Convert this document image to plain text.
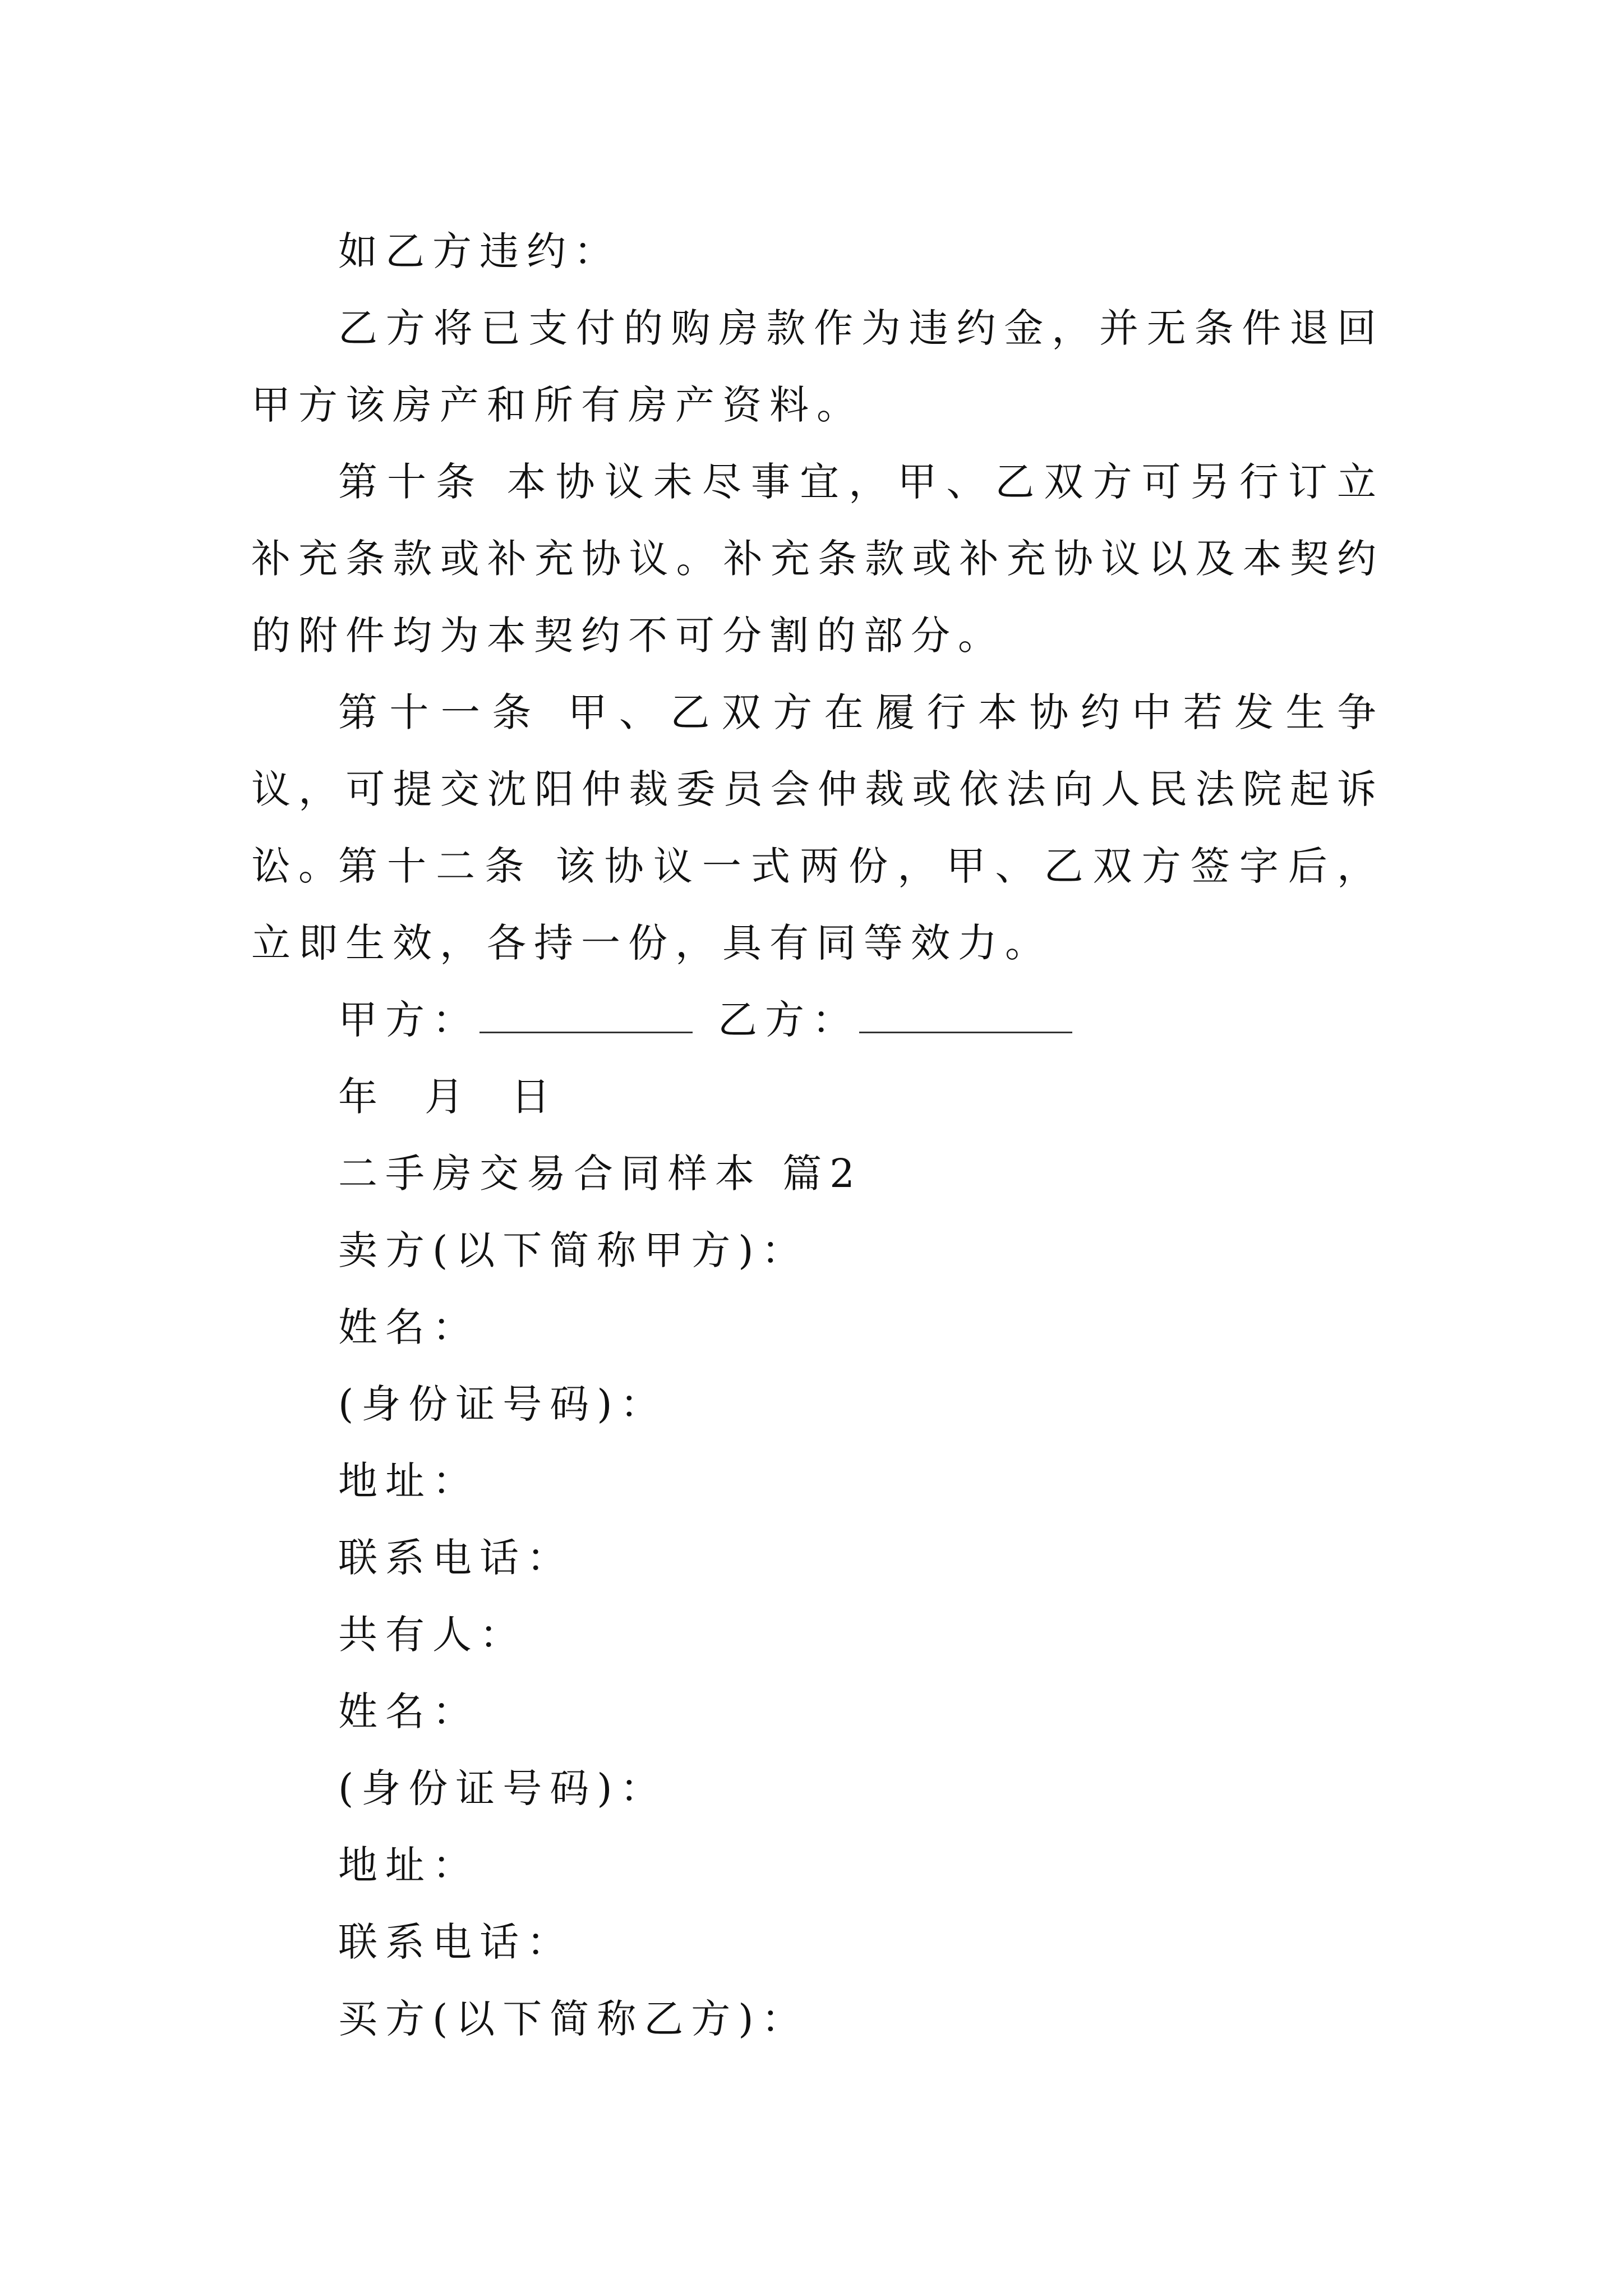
如乙方违约：
乙方将已支付的购房款作为违约金，并无条件退回甲方该房产和所有房产资料。
第十条 本协议未尽事宜，甲、乙双方可另行订立补充条款或补充协议。补充条款或补充协议以及本契约的附件均为本契约不可分割的部分。
第十一条 甲、乙双方在履行本协约中若发生争议，可提交沈阳仲裁委员会仲裁或依法向人民法院起诉讼。
第十二条 该协议一式两份，甲、乙双方签字后，立即生效，各持一份，具有同等效力。
甲方：	乙方：
年 月 日
二手房交易合同样本 篇2
卖方(以下简称甲方)：
姓名：
(身份证号码)：
地址：
联系电话：
共有人：
姓名：
(身份证号码)：
地址：
联系电话：
买方(以下简称乙方)：
